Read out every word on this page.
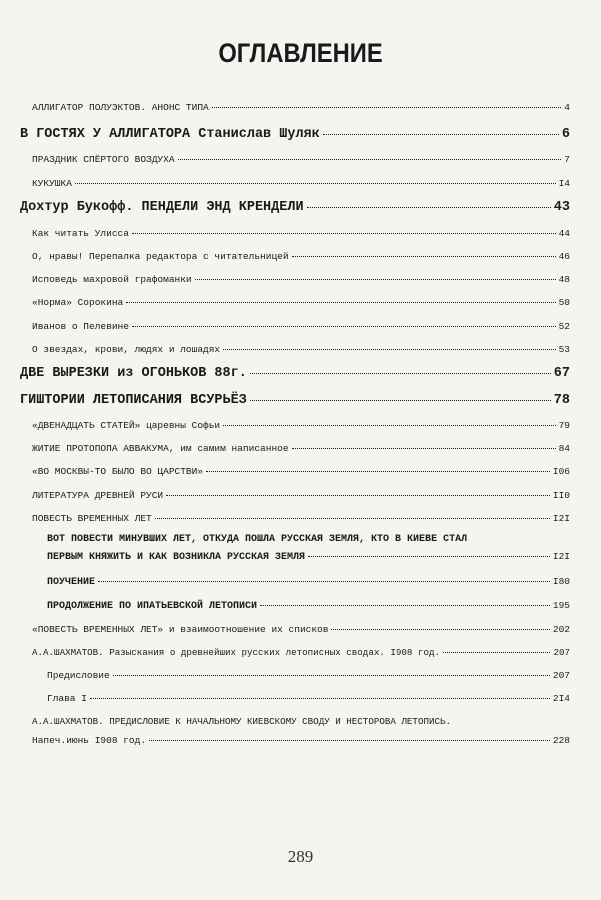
ОГЛАВЛЕНИЕ
АЛЛИГАТОР ПОЛУЭКТОВ. АНОНС ТИПА	4
В ГОСТЯХ У АЛЛИГАТОРА Станислав Шуляк	6
ПРАЗДНИК СПЁРТОГО ВОЗДУХА	7
КУКУШКА	I4
Дохтур Букофф. ПЕНДЕЛИ ЭНД КРЕНДЕЛИ	43
Как читать Улисса	44
О, нравы! Перепалка редактора с читательницей	46
Исповедь махровой графоманки	48
«Норма» Сорокина	50
Иванов о Пелевине	52
О звездах, крови, людях и лошадях	53
ДВЕ ВЫРЕЗКИ из ОГОНЬКОВ 88г.	67
ГИШТОРИИ ЛЕТОПИСАНИЯ ВСУРЬЁЗ	78
«ДВЕНАДЦАТЬ СТАТЕЙ» царевны Софьи	79
ЖИТИЕ ПРОТОПОПА АВВАКУМА, им самим написанное	84
«ВО МОСКВЫ-ТО БЫЛО ВО ЦАРСТВИ»	I06
ЛИТЕРАТУРА ДРЕВНЕЙ РУСИ	II0
ПОВЕСТЬ ВРЕМЕННЫХ ЛЕТ	I2I
ВОТ ПОВЕСТИ МИНУВШИХ ЛЕТ, ОТКУДА ПОШЛА РУССКАЯ ЗЕМЛЯ, КТО В КИЕВЕ СТАЛ
ПЕРВЫМ КНЯЖИТЬ И КАК ВОЗНИКЛА РУССКАЯ ЗЕМЛЯ	I2I
ПОУЧЕНИЕ	I80
ПРОДОЛЖЕНИЕ ПО ИПАТЬЕВСКОЙ ЛЕТОПИСИ	195
«ПОВЕСТЬ ВРЕМЕННЫХ ЛЕТ» и взаимоотношение их списков	202
А.А.ШАХМАТОВ. Разыскания о древнейших русских летописных сводах. I908 год.	207
Предисловие	207
Глава I	2I4
А.А.ШАХМАТОВ. ПРЕДИСЛОВИЕ К НАЧАЛЬНОМУ КИЕВСКОМУ СВОДУ И НЕСТОРОВА ЛЕТОПИСЬ.
Напеч.июнь I908 год.	228
289
